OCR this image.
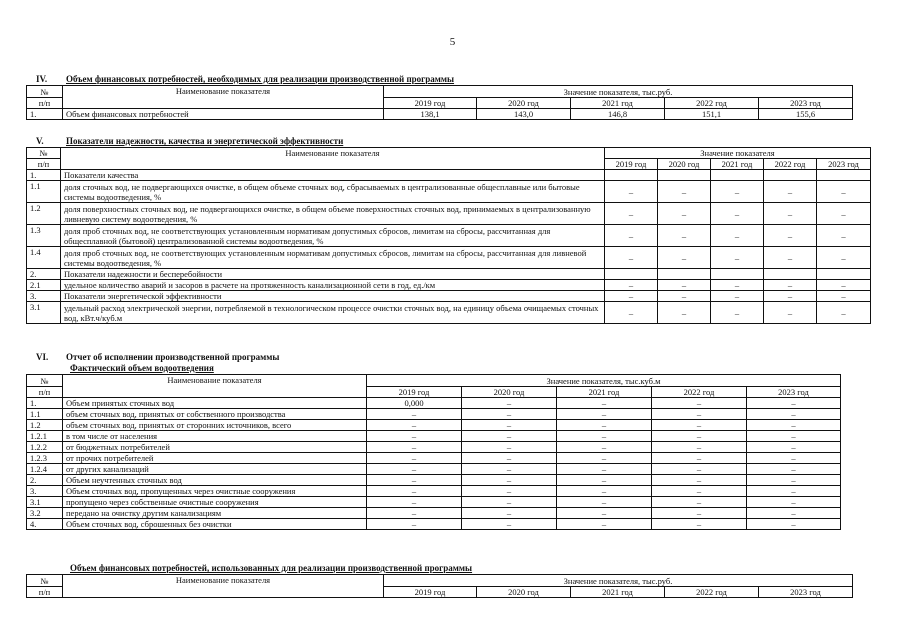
5
IV.	Объем финансовых потребностей, необходимых для реализации производственной программы
№	Наименование показателя	Значение показателя, тыс.руб.				
п/п		2019 год	2020 год	2021 год	2022 год	2023 год
1.	Объем финансовых потребностей	138,1	143,0	146,8	151,1	155,6
V.	Показатели надежности, качества и энергетической эффективности
№	Наименование показателя	Значение показателя				
п/п		2019 год	2020 год	2021 год	2022 год	2023 год
1.	Показатели качества					
1.1	доля сточных вод, не подвергающихся очистке, в общем объеме сточных вод, сбрасываемых в централизованные общесплавные или бытовые системы водоотведения, %	–	–	–	–	–
1.2	доля поверхностных сточных вод, не подвергающихся очистке, в общем объеме поверхностных сточных вод, принимаемых в централизованную ливневую систему водоотведения, %	–	–	–	–	–
1.3	доля проб сточных вод, не соответствующих установленным нормативам допустимых сбросов, лимитам на сбросы, рассчитанная для общесплавной (бытовой) централизованной системы водоотведения, %	–	–	–	–	–
1.4	доля проб сточных вод, не соответствующих установленным нормативам допустимых сбросов, лимитам на сбросы, рассчитанная для ливневой системы водоотведения, %	–	–	–	–	–
2.	Показатели надежности и бесперебойности					
2.1	удельное количество аварий и засоров в расчете на протяженность канализационной сети в год, ед./км	–	–	–	–	–
3.	Показатели энергетической эффективности	–	–	–	–	–
3.1	удельный расход электрической энергии, потребляемой в технологическом процессе очистки сточных вод, на единицу объема очищаемых сточных вод, кВт.ч/куб.м	–	–	–	–	–
VI.	Отчет об исполнении производственной программы
Фактический объем водоотведения
№	Наименование показателя	Значение показателя, тыс.куб.м				
п/п		2019 год	2020 год	2021 год	2022 год	2023 год
1.	Объем принятых сточных вод	0,000	–	–	–	–
1.1	объем сточных вод, принятых от собственного производства	–	–	–	–	–
1.2	объем сточных вод, принятых от сторонних источников, всего	–	–	–	–	–
1.2.1	в том числе от населения	–	–	–	–	–
1.2.2	от бюджетных потребителей	–	–	–	–	–
1.2.3	от прочих потребителей	–	–	–	–	–
1.2.4	от других канализаций	–	–	–	–	–
2.	Объем неучтенных сточных вод	–	–	–	–	–
3.	Объем сточных вод, пропущенных через очистные сооружения	–	–	–	–	–
3.1	пропущено через собственные очистные сооружения	–	–	–	–	–
3.2	передано на очистку другим канализациям	–	–	–	–	–
4.	Объем сточных вод, сброшенных без очистки	–	–	–	–	–
Объем финансовых потребностей, использованных для реализации производственной программы
№	Наименование показателя	Значение показателя, тыс.руб.				
п/п		2019 год	2020 год	2021 год	2022 год	2023 год
